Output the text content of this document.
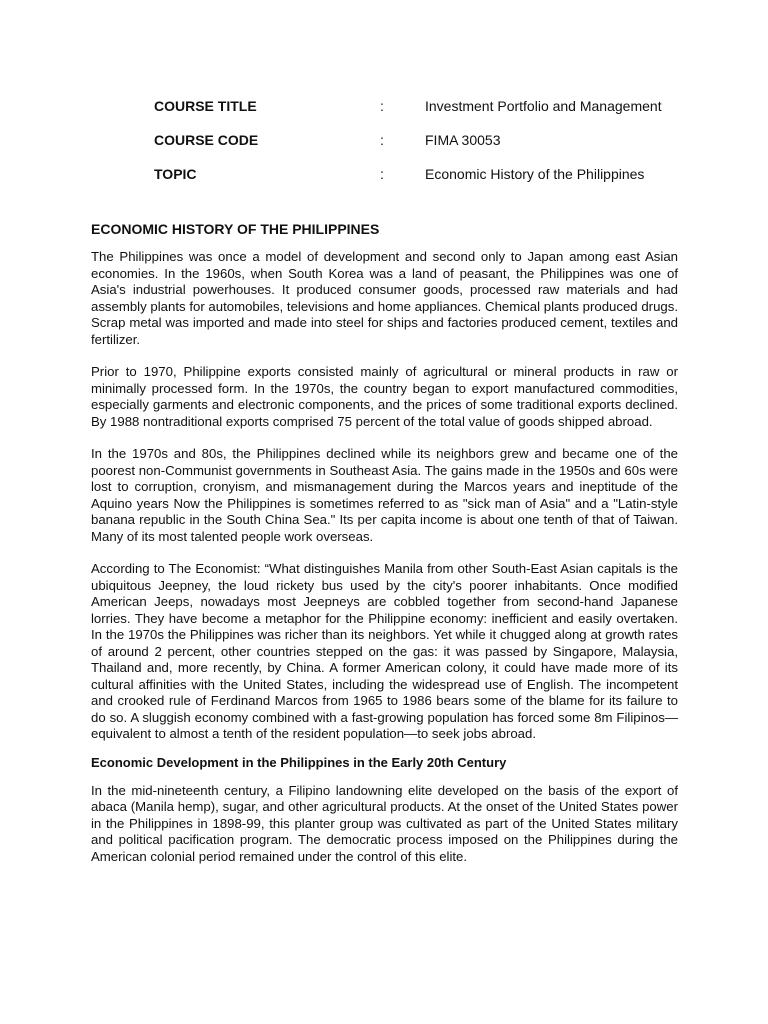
COURSE TITLE	:	Investment Portfolio and Management
COURSE CODE	:	FIMA 30053
TOPIC	:	Economic History of the Philippines
ECONOMIC HISTORY OF THE PHILIPPINES

The Philippines was once a model of development and second only to Japan among east Asian economies. In the 1960s, when South Korea was a land of peasant, the Philippines was one of Asia's industrial powerhouses. It produced consumer goods, processed raw materials and had assembly plants for automobiles, televisions and home appliances. Chemical plants produced drugs. Scrap metal was imported and made into steel for ships and factories produced cement, textiles and fertilizer.

Prior to 1970, Philippine exports consisted mainly of agricultural or mineral products in raw or minimally processed form. In the 1970s, the country began to export manufactured commodities, especially garments and electronic components, and the prices of some traditional exports declined. By 1988 nontraditional exports comprised 75 percent of the total value of goods shipped abroad.

In the 1970s and 80s, the Philippines declined while its neighbors grew and became one of the poorest non-Communist governments in Southeast Asia. The gains made in the 1950s and 60s were lost to corruption, cronyism, and mismanagement during the Marcos years and ineptitude of the Aquino years Now the Philippines is sometimes referred to as "sick man of Asia" and a "Latin-style banana republic in the South China Sea." Its per capita income is about one tenth of that of Taiwan. Many of its most talented people work overseas.

According to The Economist: “What distinguishes Manila from other South-East Asian capitals is the ubiquitous Jeepney, the loud rickety bus used by the city's poorer inhabitants. Once modified American Jeeps, nowadays most Jeepneys are cobbled together from second-hand Japanese lorries. They have become a metaphor for the Philippine economy: inefficient and easily overtaken. In the 1970s the Philippines was richer than its neighbors. Yet while it chugged along at growth rates of around 2 percent, other countries stepped on the gas: it was passed by Singapore, Malaysia, Thailand and, more recently, by China. A former American colony, it could have made more of its cultural affinities with the United States, including the widespread use of English. The incompetent and crooked rule of Ferdinand Marcos from 1965 to 1986 bears some of the blame for its failure to do so. A sluggish economy combined with a fast-growing population has forced some 8m Filipinos—equivalent to almost a tenth of the resident population—to seek jobs abroad.

Economic Development in the Philippines in the Early 20th Century

In the mid-nineteenth century, a Filipino landowning elite developed on the basis of the export of abaca (Manila hemp), sugar, and other agricultural products. At the onset of the United States power in the Philippines in 1898-99, this planter group was cultivated as part of the United States military and political pacification program. The democratic process imposed on the Philippines during the American colonial period remained under the control of this elite.
